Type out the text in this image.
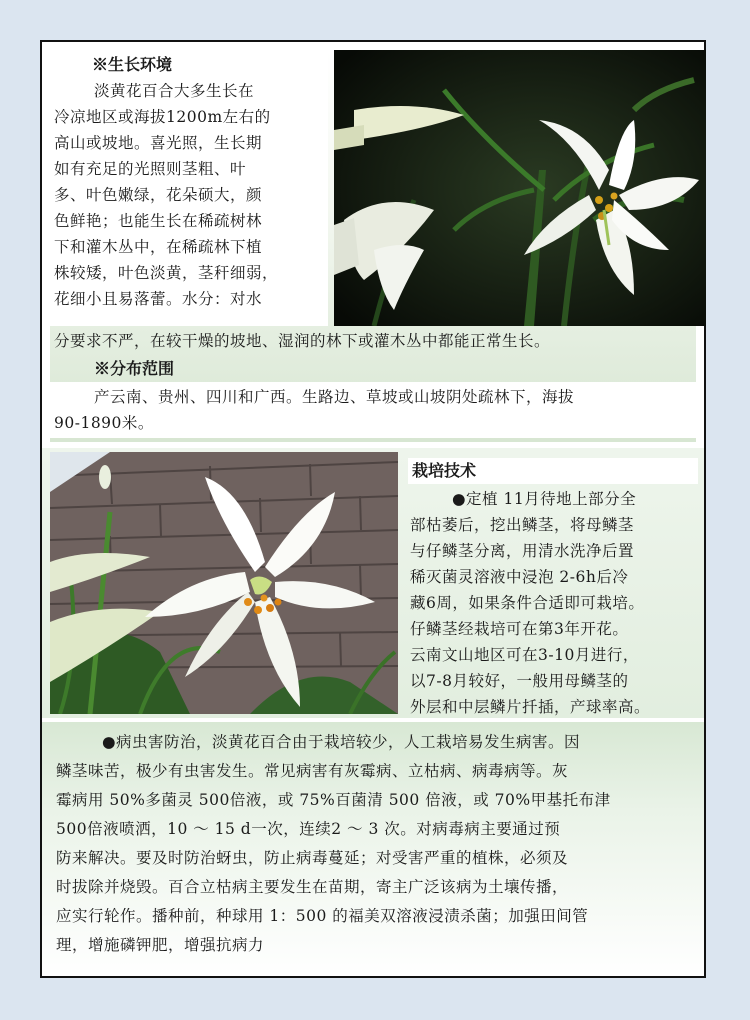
※生长环境
淡黄花百合大多生长在
冷凉地区或海拔1200m左右的
高山或坡地。喜光照，生长期
如有充足的光照则茎粗、叶
多、叶色嫩绿，花朵硕大，颜
色鲜艳；也能生长在稀疏树林
下和灌木丛中，在稀疏林下植
株较矮，叶色淡黄，茎秆细弱，
花细小且易落蕾。水分：对水
分要求不严，在较干燥的坡地、湿润的林下或灌木丛中都能正常生长。
※分布范围
产云南、贵州、四川和广西。生路边、草坡或山坡阴处疏林下，海拔
90-1890米。
栽培技术
●定植 11月待地上部分全
部枯萎后，挖出鳞茎，将母鳞茎
与仔鳞茎分离，用清水洗净后置
稀灭菌灵溶液中浸泡 2-6h后冷
藏6周，如果条件合适即可栽培。
仔鳞茎经栽培可在第3年开花。
云南文山地区可在3-10月进行，
以7-8月较好，一般用母鳞茎的
外层和中层鳞片扦插，产球率高。
●病虫害防治，淡黄花百合由于栽培较少，人工栽培易发生病害。因
鳞茎味苦，极少有虫害发生。常见病害有灰霉病、立枯病、病毒病等。灰
霉病用 50%多菌灵 500倍液，或 75%百菌清 500 倍液，或 70%甲基托布津
500倍液喷洒，10 ～ 15 d一次，连续2 ～ 3 次。对病毒病主要通过预
防来解决。要及时防治蚜虫，防止病毒蔓延；对受害严重的植株，必须及
时拔除并烧毁。百合立枯病主要发生在苗期，寄主广泛该病为土壤传播，
应实行轮作。播种前，种球用 1：500 的福美双溶液浸渍杀菌；加强田间管
理，增施磷钾肥，增强抗病力
